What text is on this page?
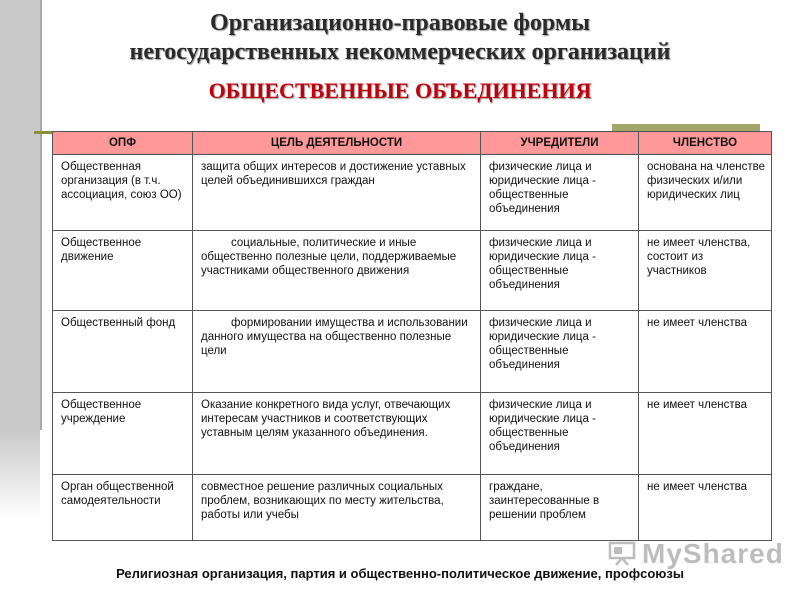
Организационно-правовые формы
негосударственных некоммерческих организаций
ОБЩЕСТВЕННЫЕ ОБЪЕДИНЕНИЯ
ОПФ	ЦЕЛЬ ДЕЯТЕЛЬНОСТИ	УЧРЕДИТЕЛИ	ЧЛЕНСТВО
Общественная организация (в т.ч. ассоциация, союз ОО)	защита общих интересов и достижение уставных целей объединившихся граждан	физические лица и юридические лица - общественные объединения	основана на членстве физических и/или юридических лиц
Общественное движение	социальные, политические и иные общественно полезные цели, поддерживаемые участниками общественного движения	физические лица и юридические лица - общественные объединения	не имеет членства, состоит из участников
Общественный фонд	формировании имущества и использовании данного имущества на общественно полезные цели	физические лица и юридические лица - общественные объединения	не имеет членства
Общественное учреждение	Оказание конкретного вида услуг, отвечающих интересам участников и соответствующих уставным целям указанного объединения.	физические лица и юридические лица - общественные объединения	не имеет членства
Орган общественной самодеятельности	совместное решение различных социальных проблем, возникающих по месту жительства, работы или учебы	граждане, заинтересованные в решении проблем	не имеет членства
MyShared
Религиозная организация, партия и общественно-политическое движение, профсоюзы
